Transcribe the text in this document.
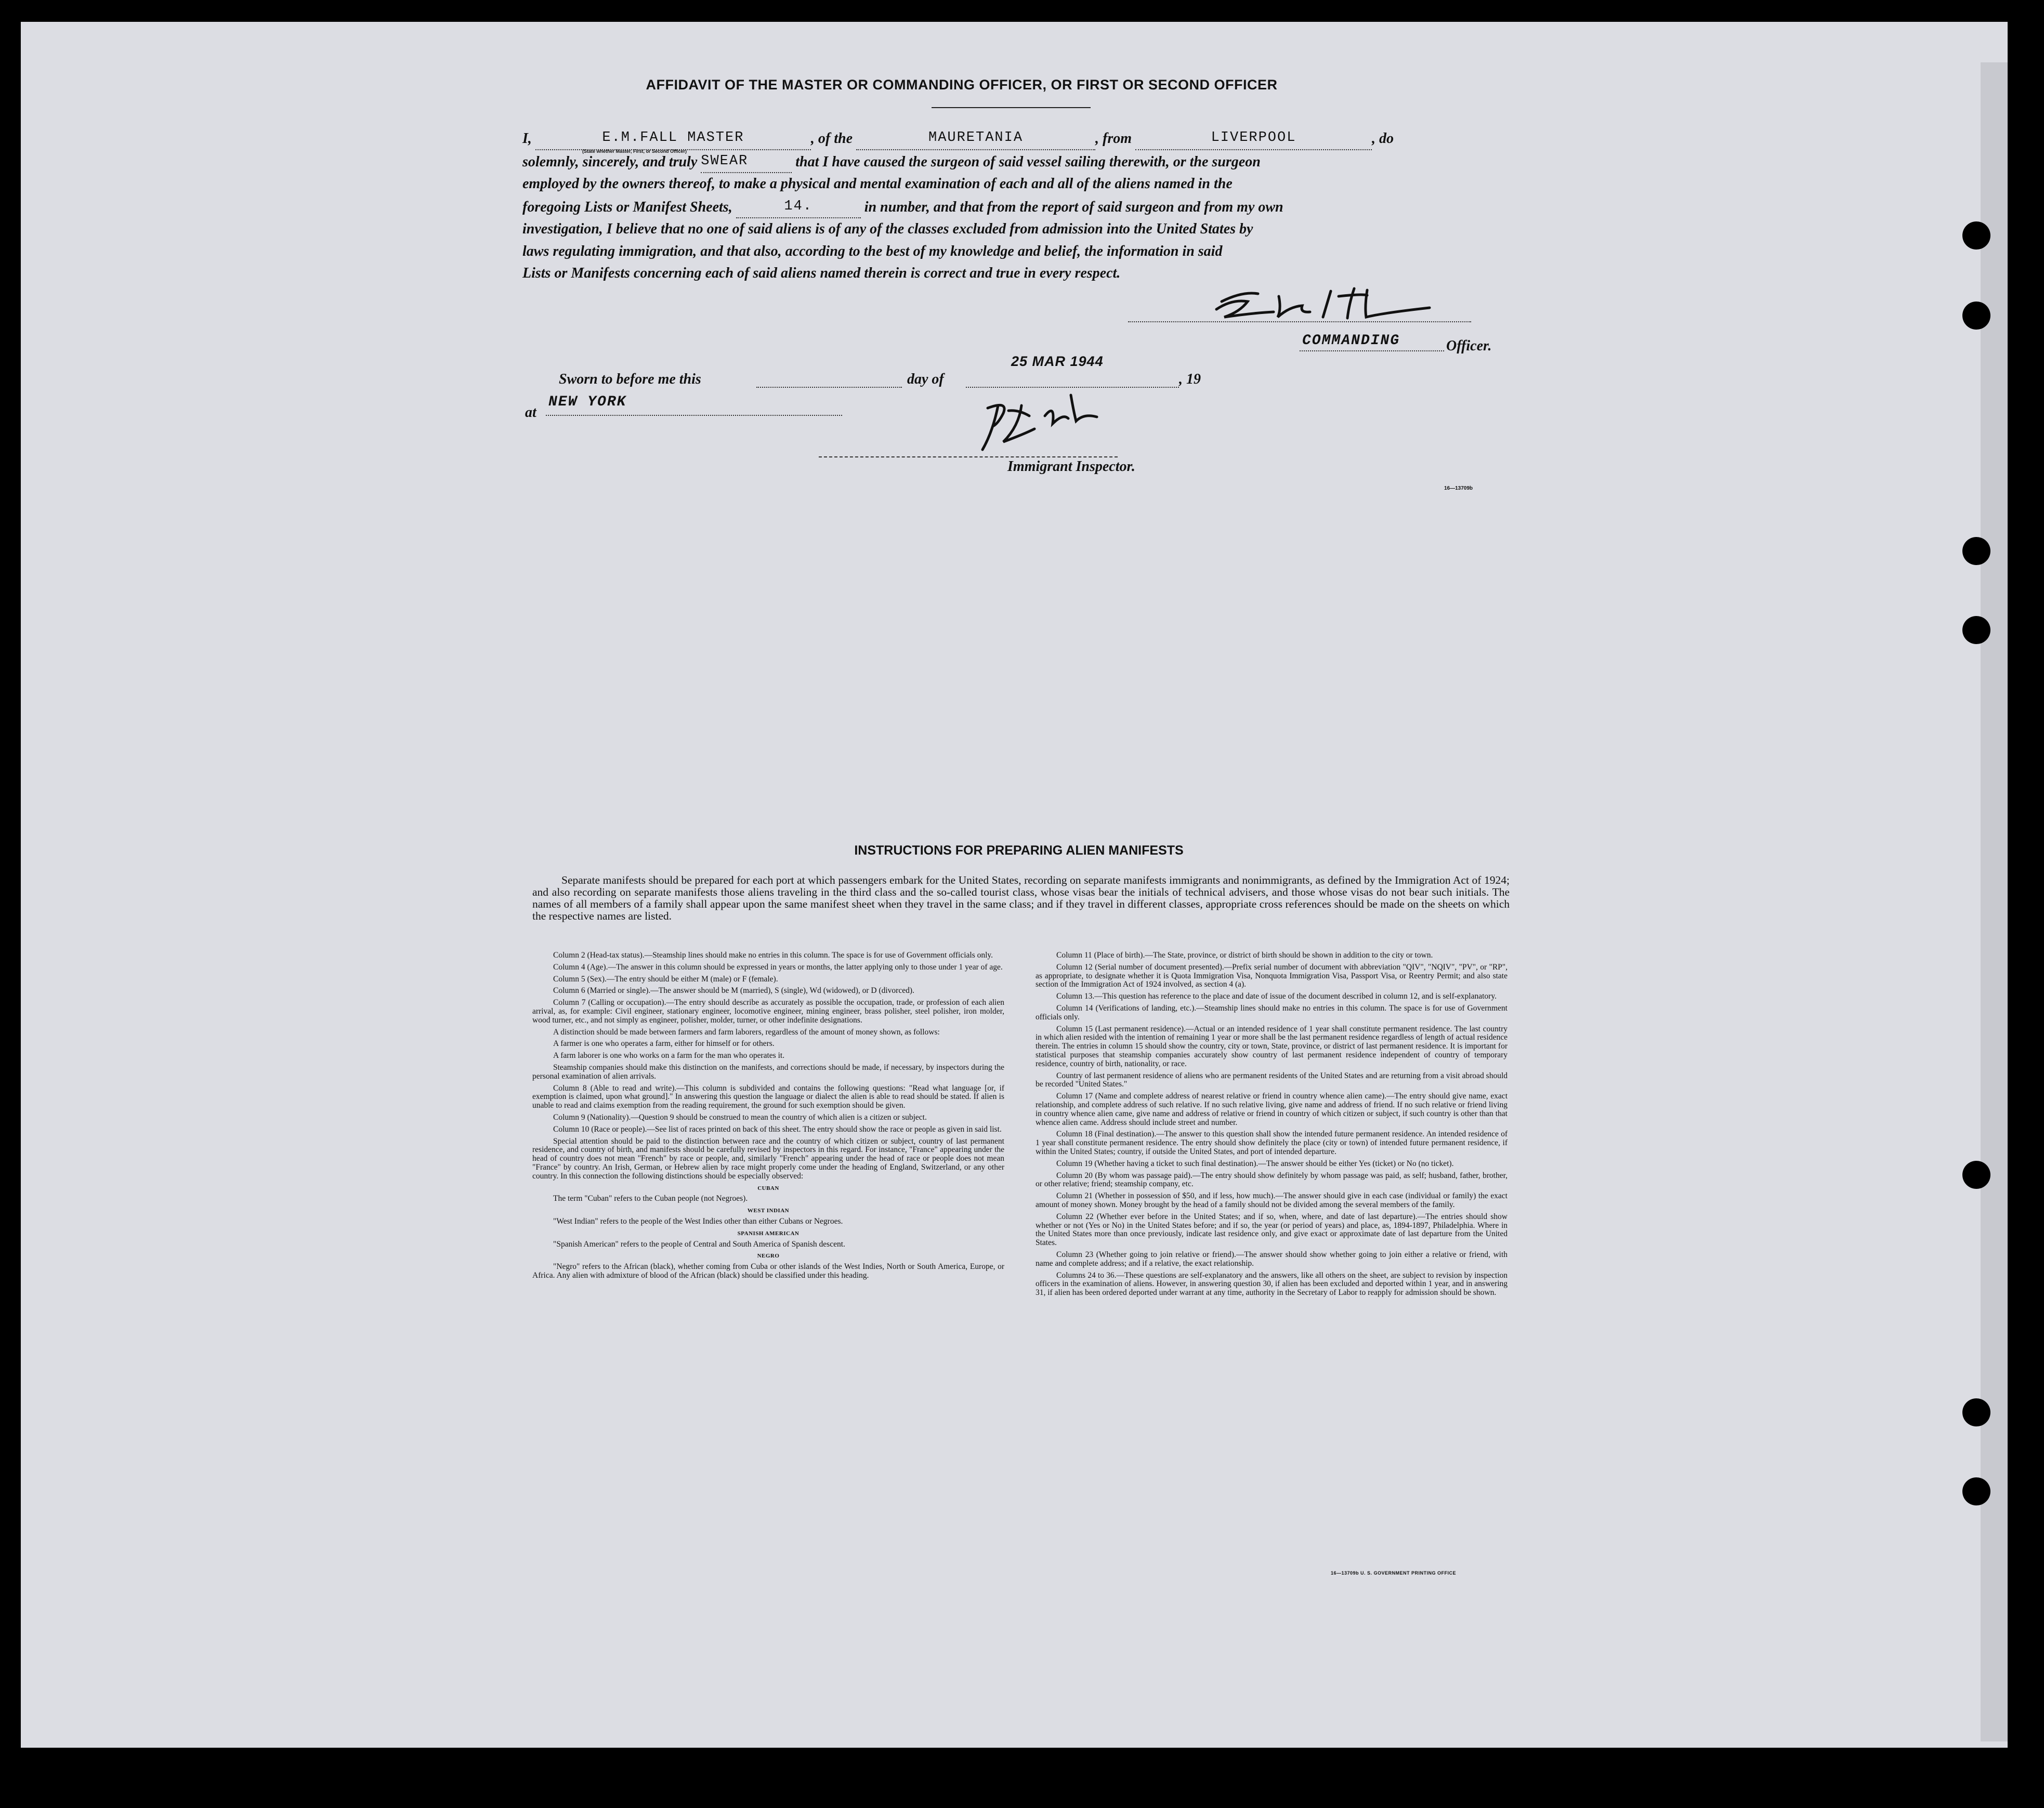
AFFIDAVIT OF THE MASTER OR COMMANDING OFFICER, OR FIRST OR SECOND OFFICER
I,	E.M.FALL MASTER	, of the	MAURETANIA	, from	LIVERPOOL	, do
solemnly, sincerely, and truly SWEAR	that I have caused the surgeon of said vessel sailing therewith, or the surgeon
employed by the owners thereof, to make a physical and mental examination of each and all of the aliens named in the
foregoing Lists or Manifest Sheets,	14.	in number, and that from the report of said surgeon and from my own
investigation, I believe that no one of said aliens is of any of the classes excluded from admission into the United States by
laws regulating immigration, and that also, according to the best of my knowledge and belief, the information in said
Lists or Manifests concerning each of said aliens named therein is correct and true in every respect.
(State whether Master, First, or Second Officer)
COMMANDING	Officer.
25 MAR 1944
Sworn to before me this	day of	, 19
at
NEW YORK
Immigrant Inspector.
16—13709b
INSTRUCTIONS FOR PREPARING ALIEN MANIFESTS
Separate manifests should be prepared for each port at which passengers embark for the United States, recording on separate manifests immigrants and nonimmigrants, as defined by the Immigration Act of 1924; and also recording on separate manifests those aliens traveling in the third class and the so-called tourist class, whose visas bear the initials of technical advisers, and those whose visas do not bear such initials. The names of all members of a family shall appear upon the same manifest sheet when they travel in the same class; and if they travel in different classes, appropriate cross references should be made on the sheets on which the respective names are listed.

Column 2 (Head-tax status).—Steamship lines should make no entries in this column. The space is for use of Government officials only.

Column 4 (Age).—The answer in this column should be expressed in years or months, the latter applying only to those under 1 year of age.

Column 5 (Sex).—The entry should be either M (male) or F (female).

Column 6 (Married or single).—The answer should be M (married), S (single), Wd (widowed), or D (divorced).

Column 7 (Calling or occupation).—The entry should describe as accurately as possible the occupation, trade, or profession of each alien arrival, as, for example: Civil engineer, stationary engineer, locomotive engineer, mining engineer, brass polisher, steel polisher, iron molder, wood turner, etc., and not simply as engineer, polisher, molder, turner, or other indefinite designations.

A distinction should be made between farmers and farm laborers, regardless of the amount of money shown, as follows:

A farmer is one who operates a farm, either for himself or for others.

A farm laborer is one who works on a farm for the man who operates it.

Steamship companies should make this distinction on the manifests, and corrections should be made, if necessary, by inspectors during the personal examination of alien arrivals.

Column 8 (Able to read and write).—This column is subdivided and contains the following questions: "Read what language [or, if exemption is claimed, upon what ground]." In answering this question the language or dialect the alien is able to read should be stated. If alien is unable to read and claims exemption from the reading requirement, the ground for such exemption should be given.

Column 9 (Nationality).—Question 9 should be construed to mean the country of which alien is a citizen or subject.

Column 10 (Race or people).—See list of races printed on back of this sheet. The entry should show the race or people as given in said list.

Special attention should be paid to the distinction between race and the country of which citizen or subject, country of last permanent residence, and country of birth, and manifests should be carefully revised by inspectors in this regard. For instance, "France" appearing under the head of country does not mean "French" by race or people, and, similarly "French" appearing under the head of race or people does not mean "France" by country. An Irish, German, or Hebrew alien by race might properly come under the heading of England, Switzerland, or any other country. In this connection the following distinctions should be especially observed:

CUBAN

The term "Cuban" refers to the Cuban people (not Negroes).

WEST INDIAN

"West Indian" refers to the people of the West Indies other than either Cubans or Negroes.

SPANISH AMERICAN

"Spanish American" refers to the people of Central and South America of Spanish descent.

NEGRO

"Negro" refers to the African (black), whether coming from Cuba or other islands of the West Indies, North or South America, Europe, or Africa. Any alien with admixture of blood of the African (black) should be classified under this heading.

Column 11 (Place of birth).—The State, province, or district of birth should be shown in addition to the city or town.

Column 12 (Serial number of document presented).—Prefix serial number of document with abbreviation "QIV", "NQIV", "PV", or "RP", as appropriate, to designate whether it is Quota Immigration Visa, Nonquota Immigration Visa, Passport Visa, or Reentry Permit; and also state section of the Immigration Act of 1924 involved, as section 4 (a).

Column 13.—This question has reference to the place and date of issue of the document described in column 12, and is self-explanatory.

Column 14 (Verifications of landing, etc.).—Steamship lines should make no entries in this column. The space is for use of Government officials only.

Column 15 (Last permanent residence).—Actual or an intended residence of 1 year shall constitute permanent residence. The last country in which alien resided with the intention of remaining 1 year or more shall be the last permanent residence regardless of length of actual residence therein. The entries in column 15 should show the country, city or town, State, province, or district of last permanent residence. It is important for statistical purposes that steamship companies accurately show country of last permanent residence independent of country of temporary residence, country of birth, nationality, or race.

Country of last permanent residence of aliens who are permanent residents of the United States and are returning from a visit abroad should be recorded "United States."

Column 17 (Name and complete address of nearest relative or friend in country whence alien came).—The entry should give name, exact relationship, and complete address of such relative. If no such relative living, give name and address of friend. If no such relative or friend living in country whence alien came, give name and address of relative or friend in country of which citizen or subject, if such country is other than that whence alien came. Address should include street and number.

Column 18 (Final destination).—The answer to this question shall show the intended future permanent residence. An intended residence of 1 year shall constitute permanent residence. The entry should show definitely the place (city or town) of intended future permanent residence, if within the United States; country, if outside the United States, and port of intended departure.

Column 19 (Whether having a ticket to such final destination).—The answer should be either Yes (ticket) or No (no ticket).

Column 20 (By whom was passage paid).—The entry should show definitely by whom passage was paid, as self; husband, father, brother, or other relative; friend; steamship company, etc.

Column 21 (Whether in possession of $50, and if less, how much).—The answer should give in each case (individual or family) the exact amount of money shown. Money brought by the head of a family should not be divided among the several members of the family.

Column 22 (Whether ever before in the United States; and if so, when, where, and date of last departure).—The entries should show whether or not (Yes or No) in the United States before; and if so, the year (or period of years) and place, as, 1894-1897, Philadelphia. Where in the United States more than once previously, indicate last residence only, and give exact or approximate date of last departure from the United States.

Column 23 (Whether going to join relative or friend).—The answer should show whether going to join either a relative or friend, with name and complete address; and if a relative, the exact relationship.

Columns 24 to 36.—These questions are self-explanatory and the answers, like all others on the sheet, are subject to revision by inspection officers in the examination of aliens. However, in answering question 30, if alien has been excluded and deported within 1 year, and in answering 31, if alien has been ordered deported under warrant at any time, authority in the Secretary of Labor to reapply for admission should be shown.

16—13709b U. S. GOVERNMENT PRINTING OFFICE
